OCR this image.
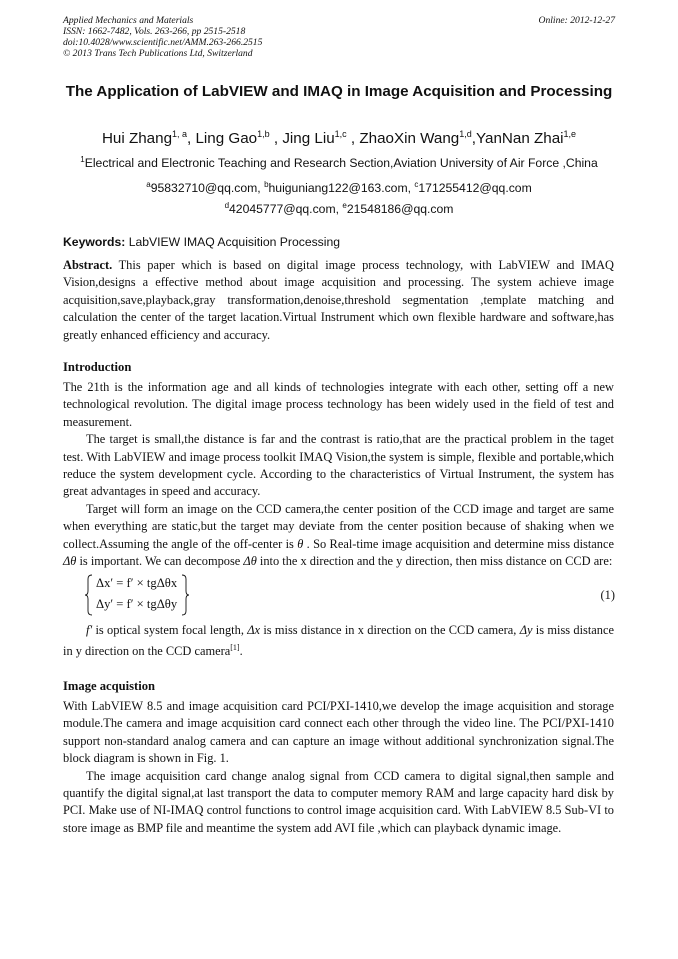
Applied Mechanics and Materials
ISSN: 1662-7482, Vols. 263-266, pp 2515-2518
doi:10.4028/www.scientific.net/AMM.263-266.2515
© 2013 Trans Tech Publications Ltd, Switzerland
Online: 2012-12-27
The Application of LabVIEW and IMAQ in Image Acquisition and Processing
Hui Zhang$^{1, a}$, Ling Gao$^{1,b}$ , Jing Liu$^{1,c}$ , ZhaoXin Wang$^{1,d}$,YanNan Zhai$^{1,e}$
$^1$Electrical and Electronic Teaching and Research Section,Aviation University of Air Force ,China
$^a$95832710@qq.com, $^b$huiguniang122@163.com, $^c$171255412@qq.com
$^d$42045777@qq.com, $^e$21548186@qq.com
Keywords: LabVIEW IMAQ Acquisition Processing

Abstract. This paper which is based on digital image process technology, with LabVIEW and IMAQ Vision,designs a effective method about image acquisition and processing. The system achieve image acquisition,save,playback,gray transformation,denoise,threshold segmentation ,template matching and calculation the center of the target lacation.Virtual Instrument which own flexible hardware and software,has greatly enhanced efficiency and accuracy.

Introduction

The 21th is the information age and all kinds of technologies integrate with each other, setting off a new technological revolution. The digital image process technology has been widely used in the field of test and measurement.

The target is small,the distance is far and the contrast is ratio,that are the practical problem in the taget test. With LabVIEW and image process toolkit IMAQ Vision,the system is simple, flexible and portable,which reduce the system development cycle. According to the characteristics of Virtual Instrument, the system has great advantages in speed and accuracy.

Target will form an image on the CCD camera,the center position of the CCD image and target are same when everything are static,but the target may deviate from the center position because of shaking when we collect.Assuming the angle of the off-center is θ . So Real-time image acquisition and determine miss distance Δθ is important. We can decompose Δθ into the x direction and the y direction, then miss distance on CCD are:

Δx′ = f′ × tgΔθx
Δy′ = f′ × tgΔθy
(1)

f′ is optical system focal length, Δx is miss distance in x direction on the CCD camera, Δy is miss distance in y direction on the CCD camera[1].

Image acquistion

With LabVIEW 8.5 and image acquisition card PCI/PXI-1410,we develop the image acquisition and storage module.The camera and image acquisition card connect each other through the video line. The PCI/PXI-1410 support non-standard analog camera and can capture an image without additional synchronization signal.The block diagram is shown in Fig. 1.

The image acquisition card change analog signal from CCD camera to digital signal,then sample and quantify the digital signal,at last transport the data to computer memory RAM and large capacity hard disk by PCI. Make use of NI-IMAQ control functions to control image acquisition card. With LabVIEW 8.5 Sub-VI to store image as BMP file and meantime the system add AVI file ,which can playback dynamic image.
